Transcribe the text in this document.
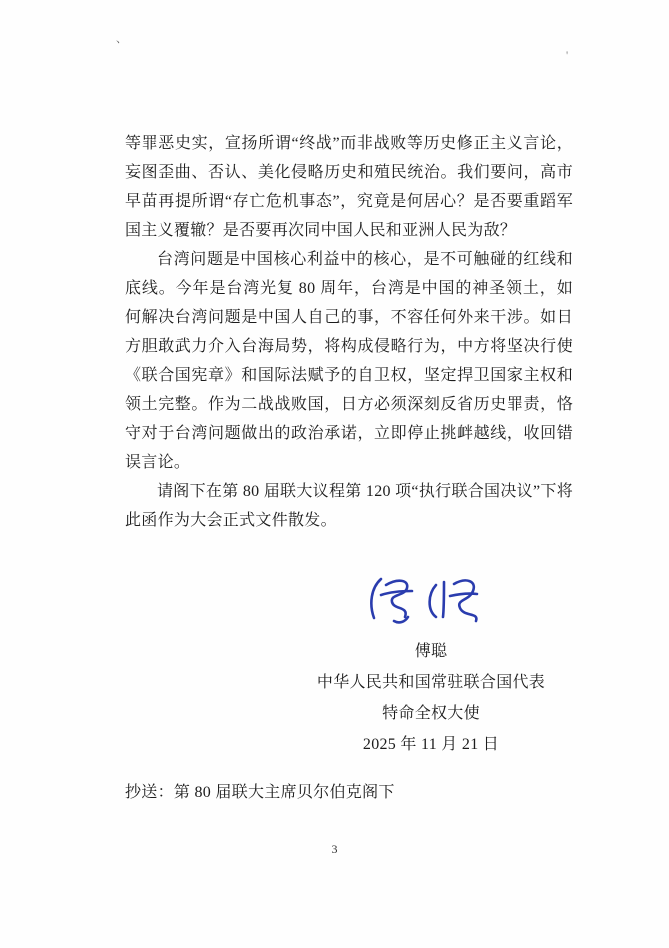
、
'

等罪恶史实，宣扬所谓“终战”而非战败等历史修正主义言论，妄图歪曲、否认、美化侵略历史和殖民统治。我们要问，高市早苗再提所谓“存亡危机事态”，究竟是何居心？是否要重蹈军国主义覆辙？是否要再次同中国人民和亚洲人民为敌？

台湾问题是中国核心利益中的核心，是不可触碰的红线和底线。今年是台湾光复 80 周年，台湾是中国的神圣领土，如何解决台湾问题是中国人自己的事，不容任何外来干涉。如日方胆敢武力介入台海局势，将构成侵略行为，中方将坚决行使《联合国宪章》和国际法赋予的自卫权，坚定捍卫国家主权和领土完整。作为二战战败国，日方必须深刻反省历史罪责，恪守对于台湾问题做出的政治承诺，立即停止挑衅越线，收回错误言论。

请阁下在第 80 届联大议程第 120 项“执行联合国决议”下将此函作为大会正式文件散发。

傅聪
中华人民共和国常驻联合国代表
特命全权大使
2025 年 11 月 21 日
抄送：第 80 届联大主席贝尔伯克阁下
3
